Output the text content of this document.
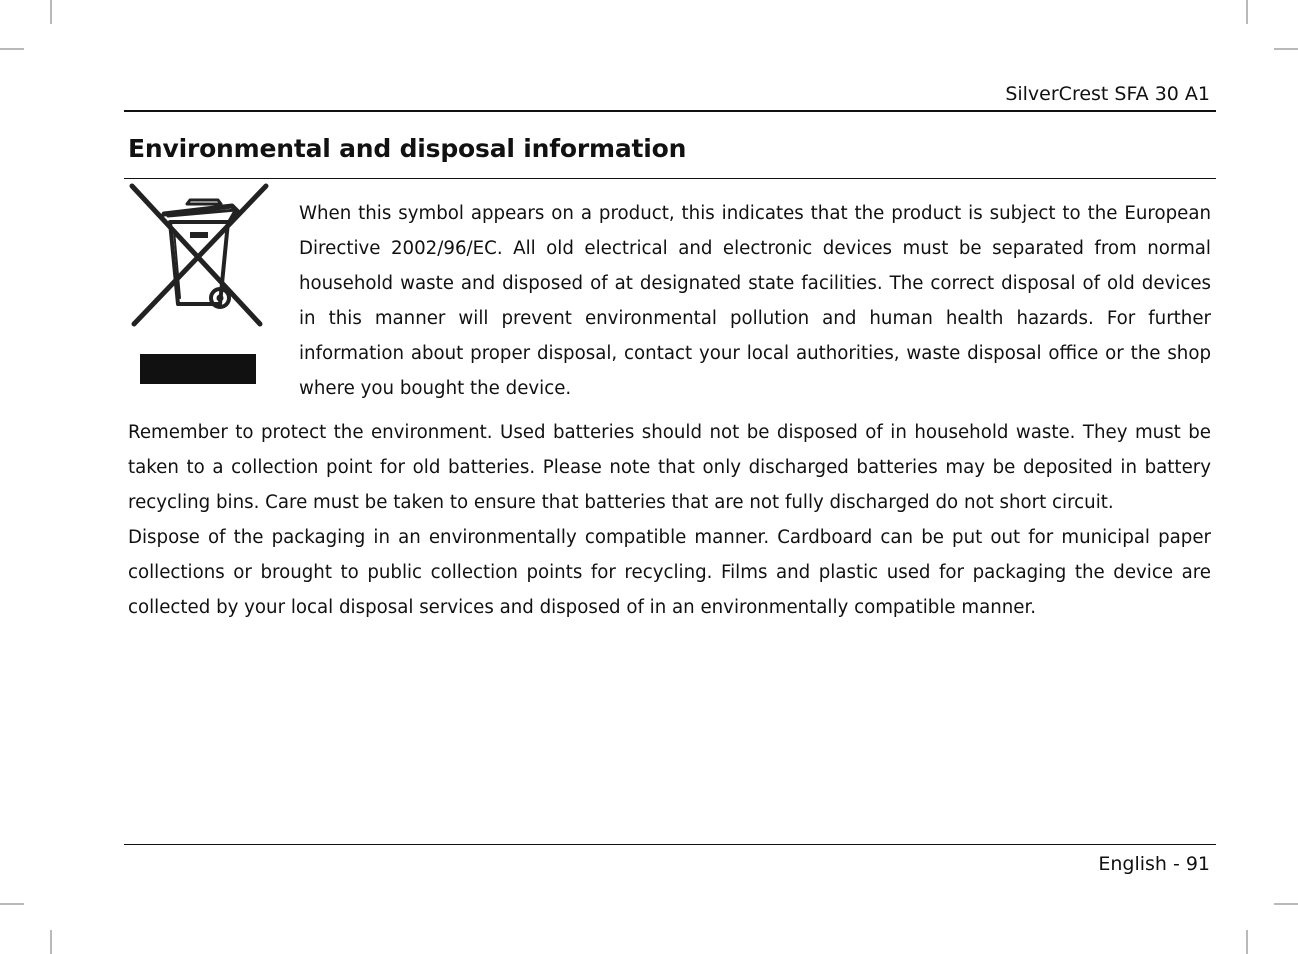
SilverCrest SFA 30 A1
Environmental and disposal information

When this symbol appears on a product, this indicates that the product is subject to the European Directive 2002/96/EC. All old electrical and electronic devices must be separated from normal household waste and disposed of at designated state facilities. The correct disposal of old devices in this manner will prevent environmental pollution and human health hazards. For further information about proper disposal, contact your local authorities, waste disposal office or the shop where you bought the device.

Remember to protect the environment. Used batteries should not be disposed of in household waste. They must be taken to a collection point for old batteries. Please note that only discharged batteries may be deposited in battery recycling bins. Care must be taken to ensure that batteries that are not fully discharged do not short circuit.

Dispose of the packaging in an environmentally compatible manner. Cardboard can be put out for municipal paper collections or brought to public collection points for recycling. Films and plastic used for packaging the device are collected by your local disposal services and disposed of in an environmentally compatible manner.

English - 91
